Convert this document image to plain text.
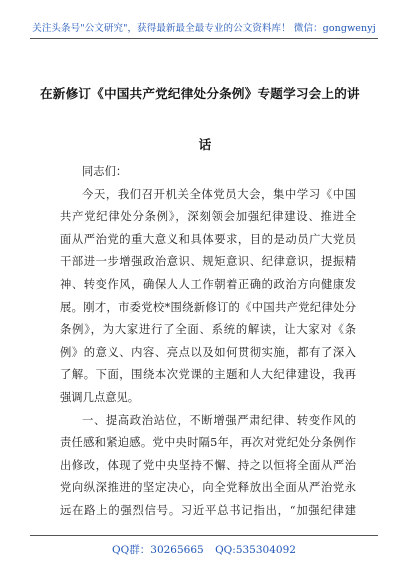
关注头条号"公文研究"，获得最新最全最专业的公文资料库！ 微信：gongwenyj
在新修订《中国共产党纪律处分条例》专题学习会上的讲
话
同志们：
今天，我们召开机关全体党员大会，集中学习《中国
共产党纪律处分条例》，深刻领会加强纪律建设、推进全
面从严治党的重大意义和具体要求，目的是动员广大党员
干部进一步增强政治意识、规矩意识、纪律意识，提振精
神、转变作风，确保人人工作朝着正确的政治方向健康发
展。刚才，市委党校*围绕新修订的《中国共产党纪律处分
条例》，为大家进行了全面、系统的解读，让大家对《条
例》的意义、内容、亮点以及如何贯彻实施，都有了深入
了解。下面，围绕本次党课的主题和人大纪律建设，我再
强调几点意见。
一、提高政治站位，不断增强严肃纪律、转变作风的
责任感和紧迫感。党中央时隔5年，再次对党纪处分条例作
出修改，体现了党中央坚持不懈、持之以恒将全面从严治
党向纵深推进的坚定决心，向全党释放出全面从严治党永
远在路上的强烈信号。习近平总书记指出，“加强纪律建
QQ群：30265665 QQ:535304092
